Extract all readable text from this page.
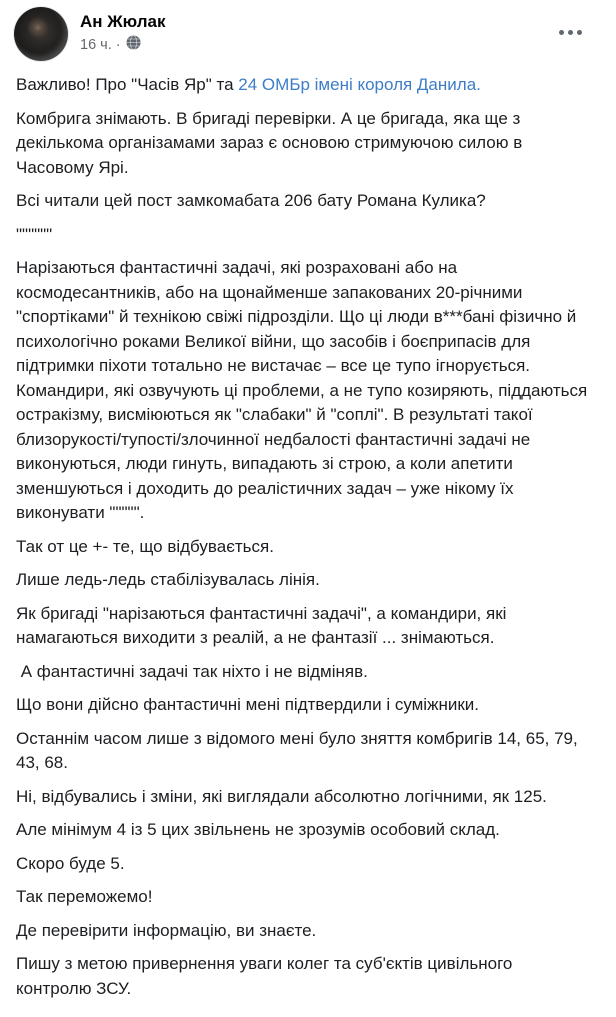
Ан Жюлак
16 ч. ·

Важливо! Про "Часів Яр" та 24 ОМБр імені короля Данила.

Комбрига знімають. В бригаді перевірки. А це бригада, яка ще з декількома організамами зараз є основою стримуючою силою в Часовому Ярі.

Всі читали цей пост замкомабата 206 бату Романа Кулика?

""""""

Нарізаються фантастичні задачі, які розраховані або на космодесантників, або на щонайменше запакованих 20-річними "спортіками" й технікою свіжі підрозділи. Що ці люди в***бані фізично й психологічно роками Великої війни, що засобів і боєприпасів для підтримки піхоти тотально не вистачає – все це тупо ігнорується. Командири, які озвучують ці проблеми, а не тупо козиряють, піддаються остракізму, висміюються як "слабаки" й "соплі". В результаті такої близорукості/тупості/злочинної недбалості фантастичні задачі не виконуються, люди гинуть, випадають зі строю, а коли апетити зменшуються і доходить до реалістичних задач – уже нікому їх виконувати """"".

Так от це +- те, що відбувається.

Лише ледь-ледь стабілізувалась лінія.

Як бригаді "нарізаються фантастичні задачі", а командири, які намагаються виходити з реалій, а не фантазії ... знімаються.

А фантастичні задачі так ніхто і не відміняв.

Що вони дійсно фантастичні мені підтвердили і суміжники.

Останнім часом лише з відомого мені було зняття комбригів 14, 65, 79, 43, 68.

Ні, відбувались і зміни, які виглядали абсолютно логічними, як 125.

Але мінімум 4 із 5 цих звільнень не зрозумів особовий склад.

Скоро буде 5.

Так переможемо!

Де перевірити інформацію, ви знаєте.

Пишу з метою привернення уваги колег та суб'єктів цивільного контролю ЗСУ.
